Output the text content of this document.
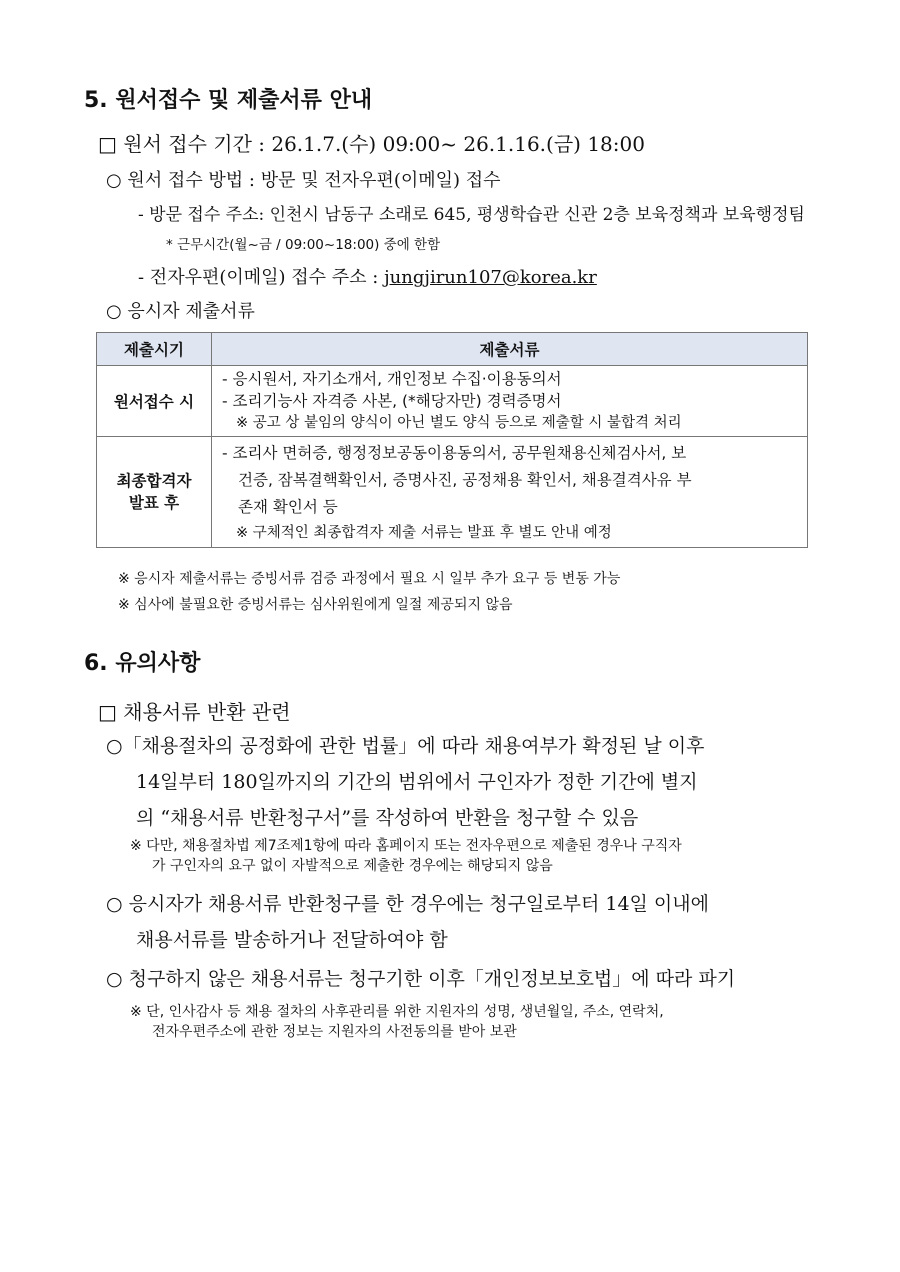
5. 원서접수 및 제출서류 안내
□ 원서 접수 기간 : 26.1.7.(수) 09:00~ 26.1.16.(금) 18:00
○ 원서 접수 방법 : 방문 및 전자우편(이메일) 접수
- 방문 접수 주소: 인천시 남동구 소래로 645, 평생학습관 신관 2층 보육정책과 보육행정팀
* 근무시간(월~금 / 09:00~18:00) 중에 한함
- 전자우편(이메일) 접수 주소 : jungjirun107@korea.kr
○ 응시자 제출서류
제출시기	제출서류
원서접수 시	- 응시원서, 자기소개서, 개인정보 수집·이용동의서
- 조리기능사 자격증 사본, (*해당자만) 경력증명서
※ 공고 상 붙임의 양식이 아닌 별도 양식 등으로 제출할 시 불합격 처리

최종합격자
발표 후	- 조리사 면허증, 행정정보공동이용동의서, 공무원채용신체검사서, 보
건증, 잠복결핵확인서, 증명사진, 공정채용 확인서, 채용결격사유 부
존재 확인서 등
※ 구체적인 최종합격자 제출 서류는 발표 후 별도 안내 예정
※ 응시자 제출서류는 증빙서류 검증 과정에서 필요 시 일부 추가 요구 등 변동 가능
※ 심사에 불필요한 증빙서류는 심사위원에게 일절 제공되지 않음
6. 유의사항
□ 채용서류 반환 관련
○「채용절차의 공정화에 관한 법률」에 따라 채용여부가 확정된 날 이후
14일부터 180일까지의 기간의 범위에서 구인자가 정한 기간에 별지
의 “채용서류 반환청구서”를 작성하여 반환을 청구할 수 있음
※ 다만, 채용절차법 제7조제1항에 따라 홈페이지 또는 전자우편으로 제출된 경우나 구직자
가 구인자의 요구 없이 자발적으로 제출한 경우에는 해당되지 않음
○ 응시자가 채용서류 반환청구를 한 경우에는 청구일로부터 14일 이내에
채용서류를 발송하거나 전달하여야 함
○ 청구하지 않은 채용서류는 청구기한 이후「개인정보보호법」에 따라 파기
※ 단, 인사감사 등 채용 절차의 사후관리를 위한 지원자의 성명, 생년월일, 주소, 연락처,
전자우편주소에 관한 정보는 지원자의 사전동의를 받아 보관
